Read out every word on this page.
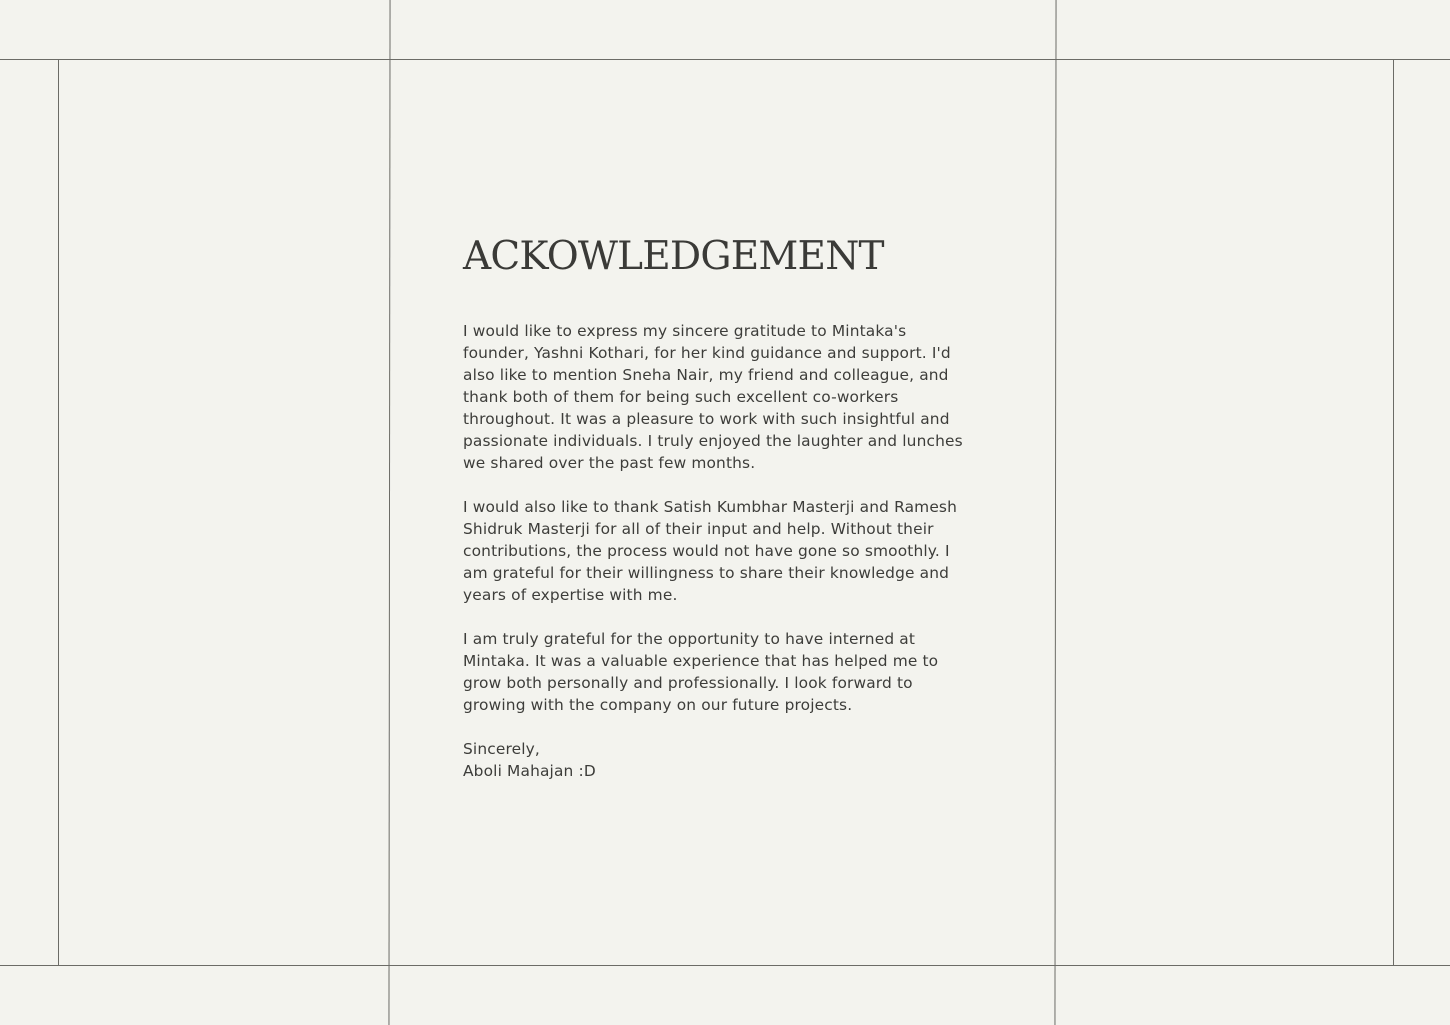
ACKOWLEDGEMENT

I would like to express my sincere gratitude to Mintaka's
founder, Yashni Kothari, for her kind guidance and support. I'd
also like to mention Sneha Nair, my friend and colleague, and
thank both of them for being such excellent co-workers
throughout. It was a pleasure to work with such insightful and
passionate individuals. I truly enjoyed the laughter and lunches
we shared over the past few months.

I would also like to thank Satish Kumbhar Masterji and Ramesh
Shidruk Masterji for all of their input and help. Without their
contributions, the process would not have gone so smoothly. I
am grateful for their willingness to share their knowledge and
years of expertise with me.

I am truly grateful for the opportunity to have interned at
Mintaka. It was a valuable experience that has helped me to
grow both personally and professionally. I look forward to
growing with the company on our future projects.

Sincerely,
Aboli Mahajan :D
